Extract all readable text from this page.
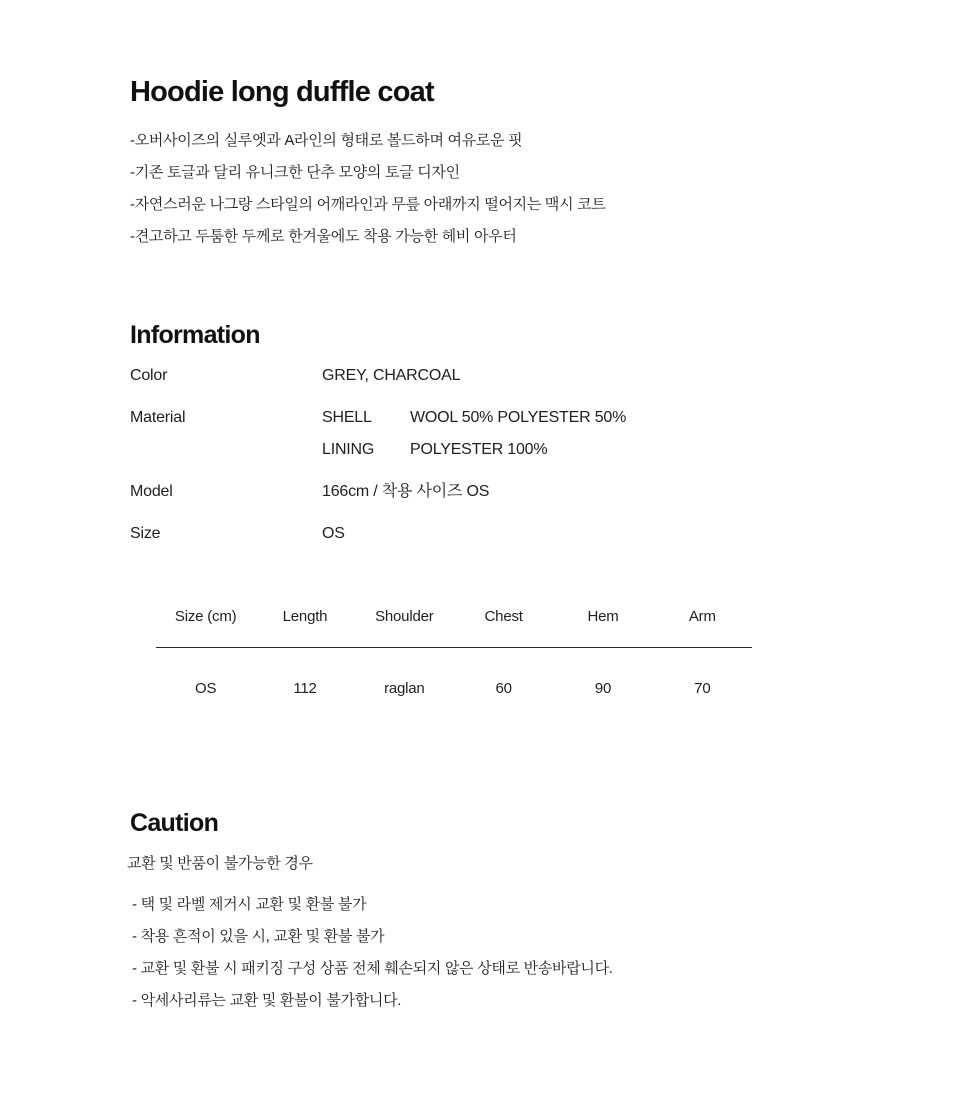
Hoodie long duffle coat
-오버사이즈의 실루엣과 A라인의 형태로 볼드하며 여유로운 핏
-기존 토글과 달리 유니크한 단추 모양의 토글 디자인
-자연스러운 나그랑 스타일의 어깨라인과 무릎 아래까지 떨어지는 맥시 코트
-견고하고 두툼한 두께로 한겨울에도 착용 가능한 헤비 아우터
Information
Color	GREY, CHARCOAL
Material	SHELL WOOL 50% POLYESTER 50%
LINING POLYESTER 100%
Model	166cm / 착용 사이즈 OS
Size	OS
Size (cm)	Length	Shoulder	Chest	Hem	Arm
OS	112	raglan	60	90	70
Caution
교환 및 반품이 불가능한 경우
- 택 및 라벨 제거시 교환 및 환불 불가
- 착용 흔적이 있을 시, 교환 및 환불 불가
- 교환 및 환불 시 패키징 구성 상품 전체 훼손되지 않은 상태로 반송바랍니다.
- 악세사리류는 교환 및 환불이 불가합니다.
